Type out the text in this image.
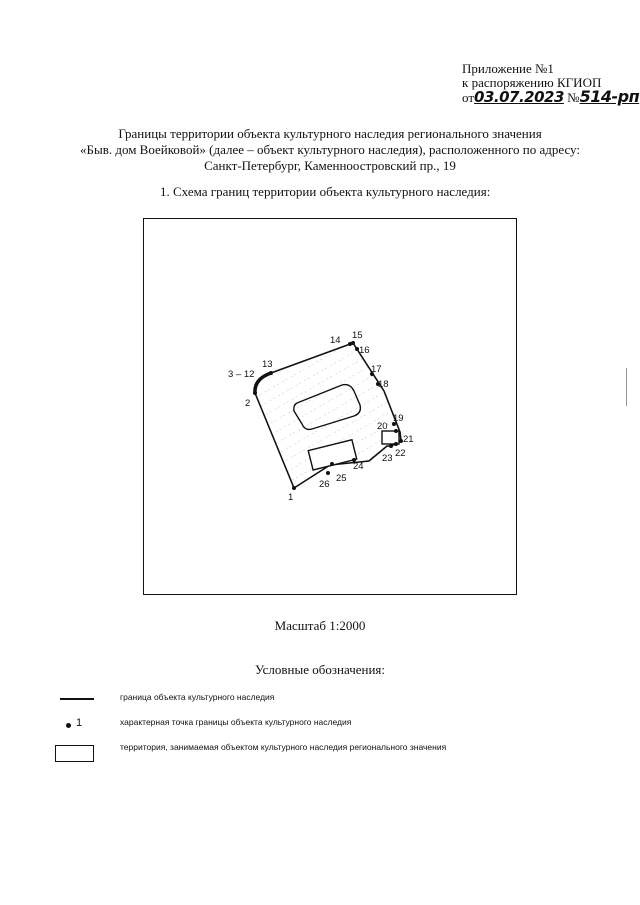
Приложение №1
к распоряжению КГИОП
от03.07.2023 №514-рп
Границы территории объекта культурного наследия регионального значения
«Быв. дом Воейковой» (далее – объект культурного наследия), расположенного по адресу:
Санкт-Петербург, Каменноостровский пр., 19
1. Схема границ территории объекта культурного наследия:
1
2
3 – 12
13
14 15
16
17
18
19
20
21
22
23
24
25
26
Масштаб 1:2000
Условные обозначения:
граница объекта культурного наследия
1	характерная точка границы объекта культурного наследия
территория, занимаемая объектом культурного наследия регионального значения
